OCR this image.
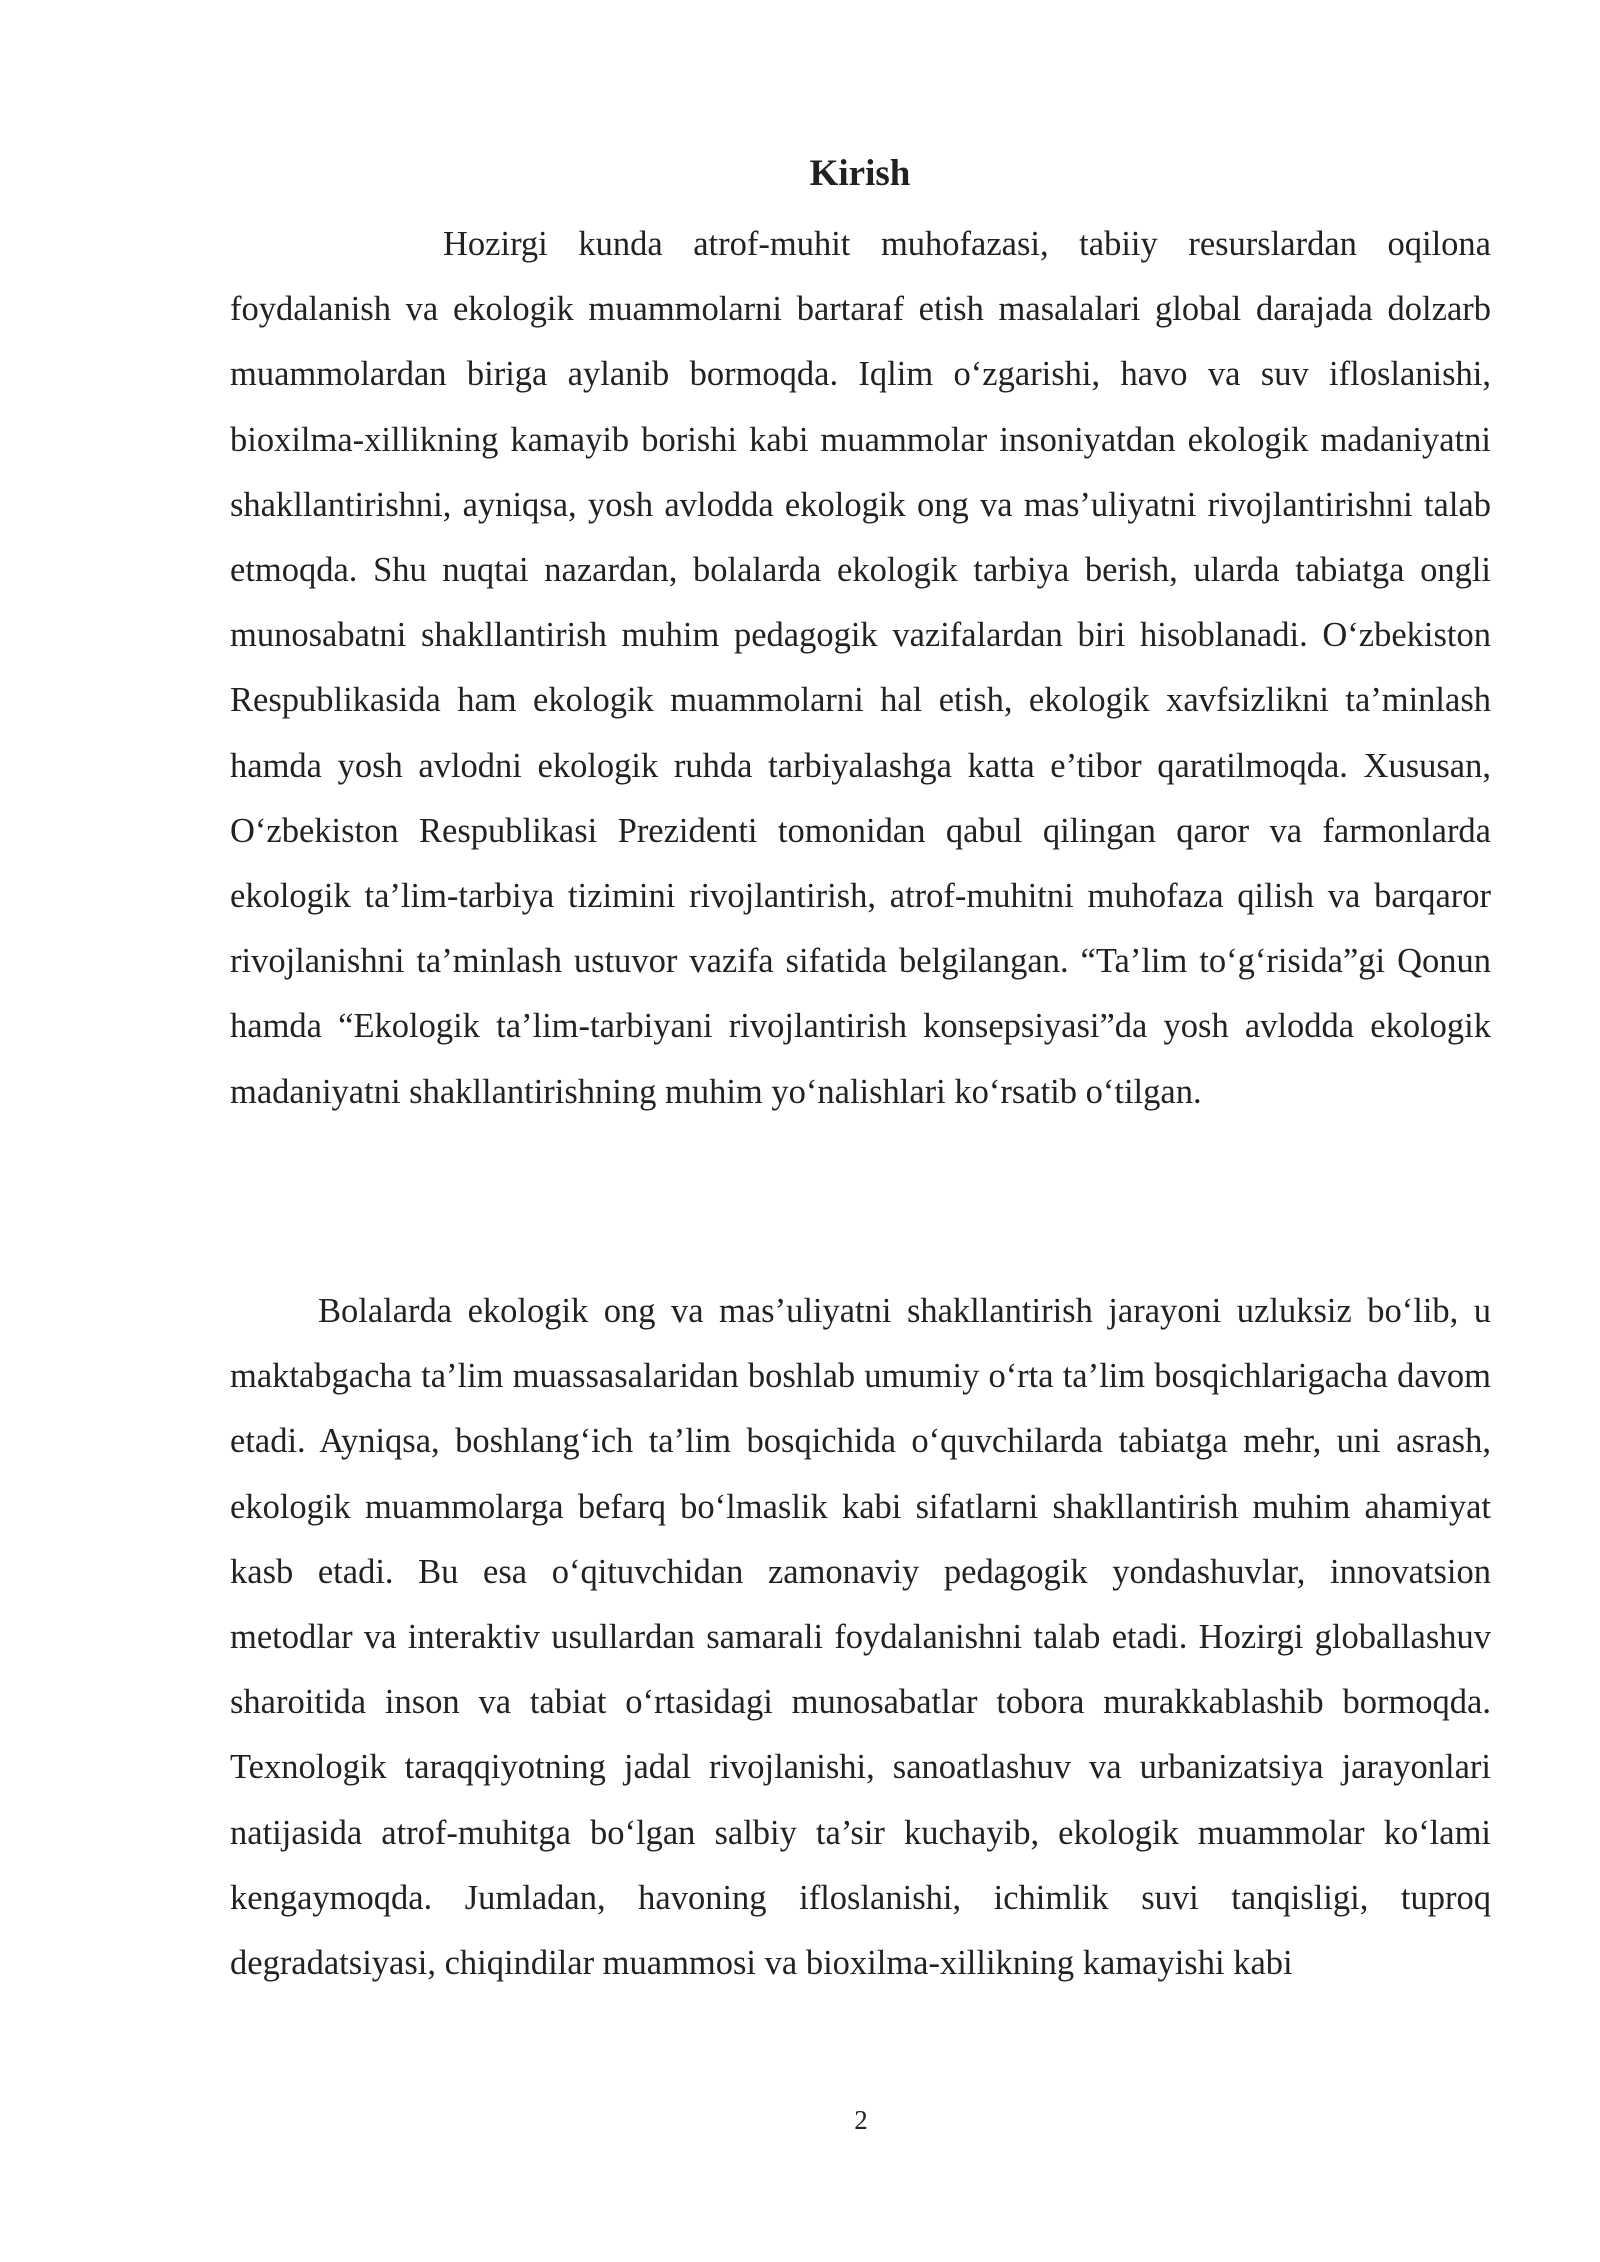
Kirish

Hozirgi kunda atrof-muhit muhofazasi, tabiiy resurslardan oqilona foydalanish va ekologik muammolarni bartaraf etish masalalari global darajada dolzarb muammolardan biriga aylanib bormoqda. Iqlim o‘zgarishi, havo va suv ifloslanishi, bioxilma-xillikning kamayib borishi kabi muammolar insoniyatdan ekologik madaniyatni shakllantirishni, ayniqsa, yosh avlodda ekologik ong va mas’uliyatni rivojlantirishni talab etmoqda. Shu nuqtai nazardan, bolalarda ekologik tarbiya berish, ularda tabiatga ongli munosabatni shakllantirish muhim pedagogik vazifalardan biri hisoblanadi. O‘zbekiston Respublikasida ham ekologik muammolarni hal etish, ekologik xavfsizlikni ta’minlash hamda yosh avlodni ekologik ruhda tarbiyalashga katta e’tibor qaratilmoqda. Xususan, O‘zbekiston Respublikasi Prezidenti tomonidan qabul qilingan qaror va farmonlarda ekologik ta’lim-tarbiya tizimini rivojlantirish, atrof-muhitni muhofaza qilish va barqaror rivojlanishni ta’minlash ustuvor vazifa sifatida belgilangan. “Ta’lim to‘g‘risida”gi Qonun hamda “Ekologik ta’lim-tarbiyani rivojlantirish konsepsiyasi”da yosh avlodda ekologik madaniyatni shakllantirishning muhim yo‘nalishlari ko‘rsatib o‘tilgan.

Bolalarda ekologik ong va mas’uliyatni shakllantirish jarayoni uzluksiz bo‘lib, u maktabgacha ta’lim muassasalaridan boshlab umumiy o‘rta ta’lim bosqichlarigacha davom etadi. Ayniqsa, boshlang‘ich ta’lim bosqichida o‘quvchilarda tabiatga mehr, uni asrash, ekologik muammolarga befarq bo‘lmaslik kabi sifatlarni shakllantirish muhim ahamiyat kasb etadi. Bu esa o‘qituvchidan zamonaviy pedagogik yondashuvlar, innovatsion metodlar va interaktiv usullardan samarali foydalanishni talab etadi. Hozirgi globallashuv sharoitida inson va tabiat o‘rtasidagi munosabatlar tobora murakkablashib bormoqda. Texnologik taraqqiyotning jadal rivojlanishi, sanoatlashuv va urbanizatsiya jarayonlari natijasida atrof-muhitga bo‘lgan salbiy ta’sir kuchayib, ekologik muammolar ko‘lami kengaymoqda. Jumladan, havoning ifloslanishi, ichimlik suvi tanqisligi, tuproq degradatsiyasi, chiqindilar muammosi va bioxilma-xillikning kamayishi kabi

2
